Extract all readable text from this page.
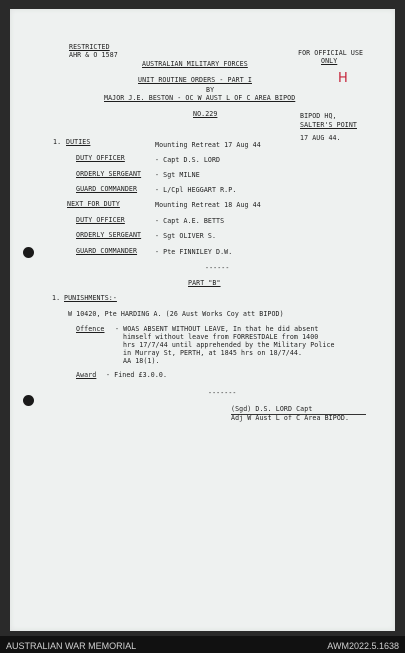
RESTRICTED
AHR & O 1587	FOR OFFICIAL USE
ONLY
H
AUSTRALIAN MILITARY FORCES
UNIT ROUTINE ORDERS - PART I
BY
MAJOR J.E. BESTON - OC W AUST L OF C AREA BIPOD
NO.229	BIPOD HQ,
SALTER'S POINT
17 AUG 44.
1. DUTIES	Mounting Retreat 17 Aug 44
DUTY OFFICER	- Capt D.S. LORD
ORDERLY SERGEANT - Sgt MILNE
GUARD COMMANDER	- L/Cpl HEGGART R.P.
NEXT FOR DUTY	Mounting Retreat 18 Aug 44
DUTY OFFICER	- Capt A.E. BETTS
ORDERLY SERGEANT - Sgt OLIVER S.
GUARD COMMANDER	- Pte FINNILEY D.W.
------
PART "B"
1. PUNISHMENTS:-
W 10420, Pte HARDING A. (26 Aust Works Coy att BIPOD)
Offence - WOAS ABSENT WITHOUT LEAVE, In that he did absent
himself without leave from FORRESTDALE from 1400
hrs 17/7/44 until apprehended by the Military Police
in Murray St, PERTH, at 1845 hrs on 18/7/44.
AA 18(1).
Award - Fined £3.0.0.
-------
(Sgd) D.S. LORD Capt
Adj W Aust L of C Area BIPOD.
AUSTRALIAN WAR MEMORIAL	AWM2022.5.1638
